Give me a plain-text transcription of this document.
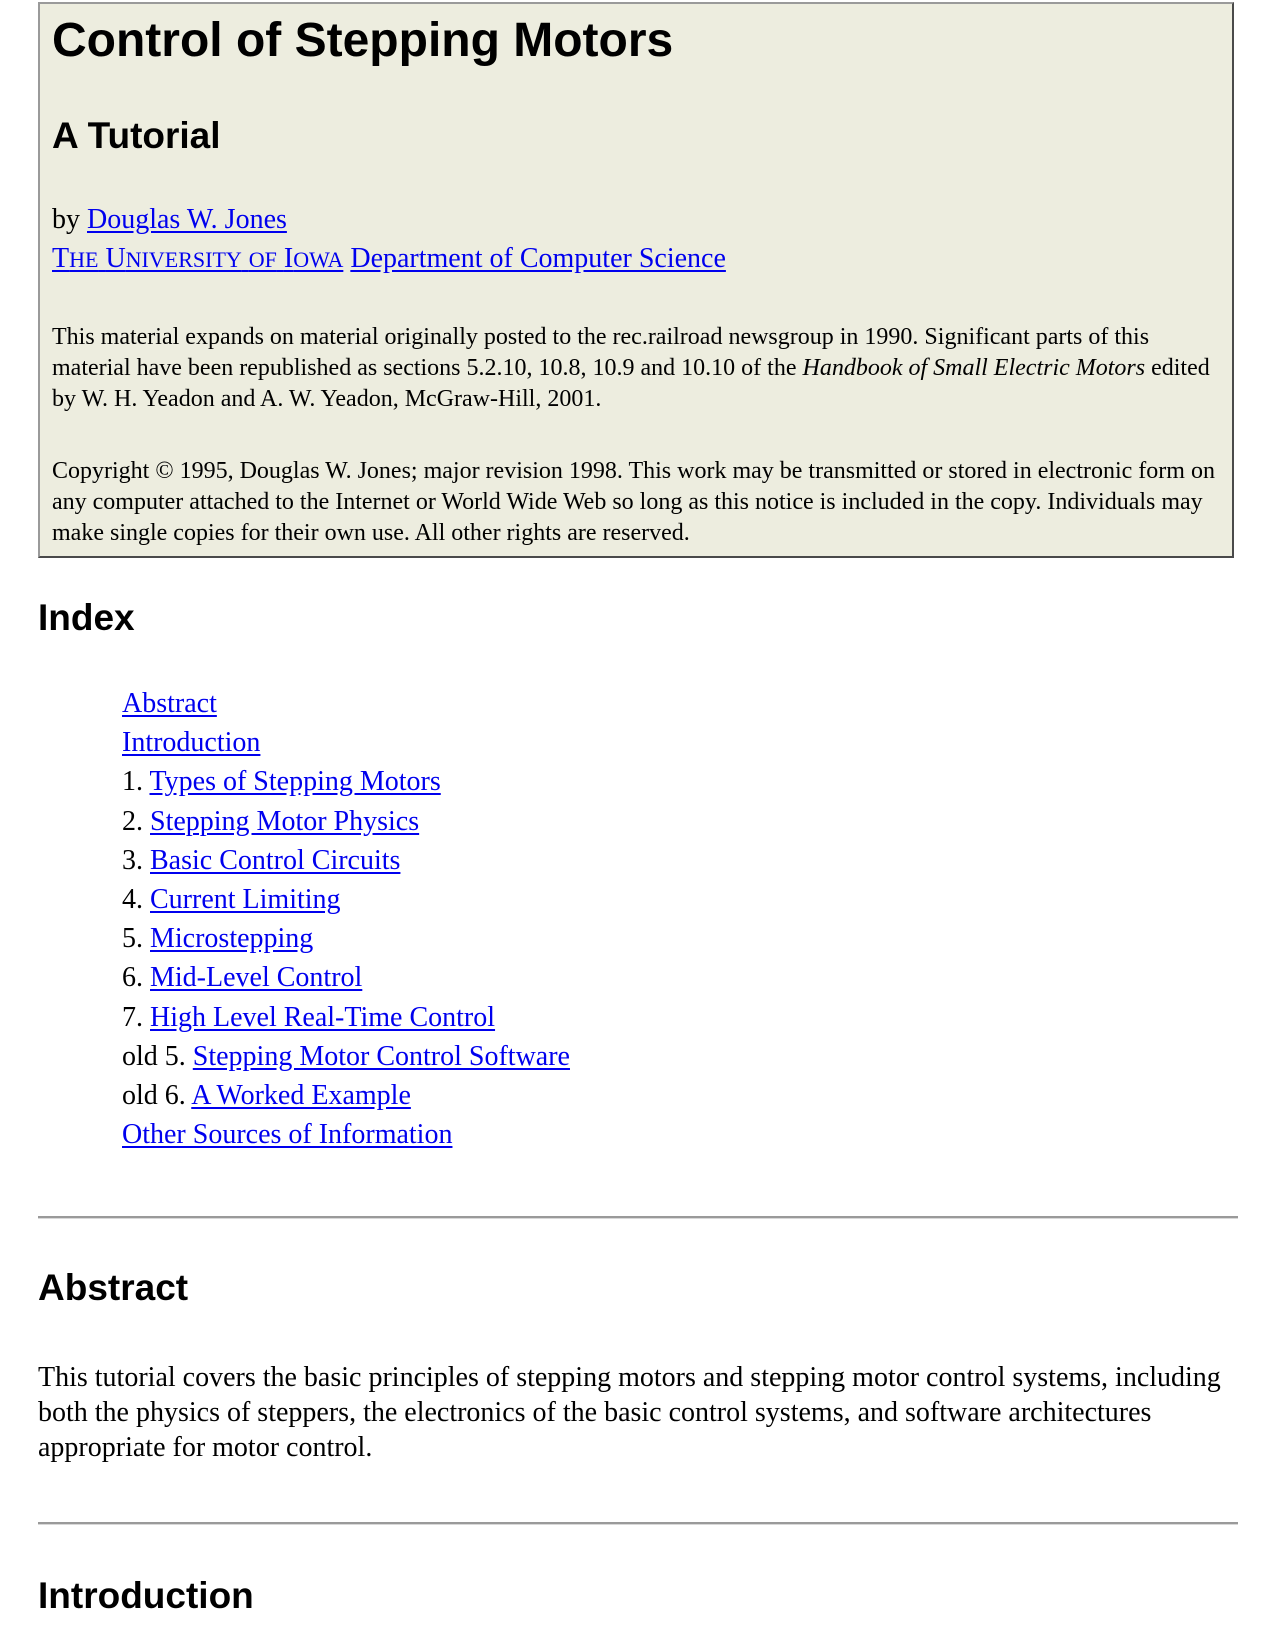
Control of Stepping Motors
A Tutorial
by Douglas W. Jones
THE UNIVERSITY OF IOWA Department of Computer Science

This material expands on material originally posted to the rec.railroad newsgroup in 1990. Significant parts of this material have been republished as sections 5.2.10, 10.8, 10.9 and 10.10 of the Handbook of Small Electric Motors edited by W. H. Yeadon and A. W. Yeadon, McGraw-Hill, 2001.

Copyright © 1995, Douglas W. Jones; major revision 1998. This work may be transmitted or stored in electronic form on any computer attached to the Internet or World Wide Web so long as this notice is included in the copy. Individuals may make single copies for their own use. All other rights are reserved.

Index
Abstract
Introduction
1. Types of Stepping Motors
2. Stepping Motor Physics
3. Basic Control Circuits
4. Current Limiting
5. Microstepping
6. Mid-Level Control
7. High Level Real-Time Control
old 5. Stepping Motor Control Software
old 6. A Worked Example
Other Sources of Information
Abstract

This tutorial covers the basic principles of stepping motors and stepping motor control systems, including both the physics of steppers, the electronics of the basic control systems, and software architectures appropriate for motor control.

Introduction
